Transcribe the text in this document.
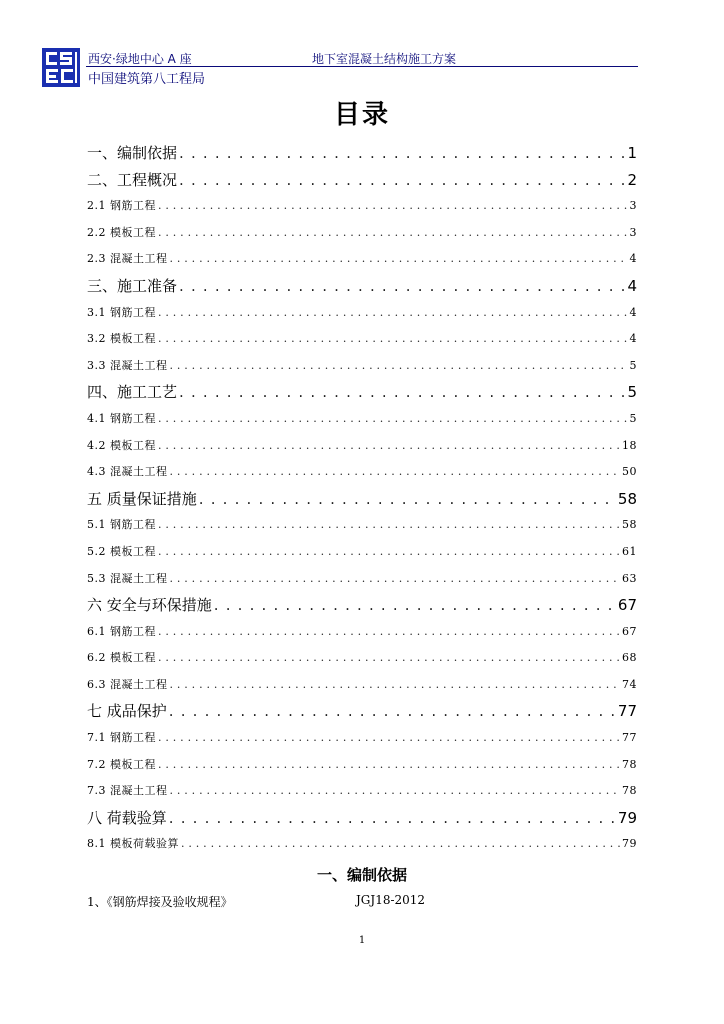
西安·绿地中心 A 座	地下室混凝土结构施工方案
中国建筑第八工程局
目录
一、编制依据 . . .	1
二、工程概况 . . .	2
2.1 钢筋工程 . . .	3
2.2 模板工程 . . .	3
2.3 混凝土工程 . . .	4
三、施工准备 . . .	4
3.1 钢筋工程 . . .	4
3.2 模板工程 . . .	4
3.3 混凝土工程 . . .	5
四、施工工艺 . . .	5
4.1 钢筋工程 . . .	5
4.2 模板工程 . . .	18
4.3 混凝土工程 . . .	50
五 质量保证措施 . . .	58
5.1 钢筋工程 . . .	58
5.2 模板工程 . . .	61
5.3 混凝土工程 . . .	63
六 安全与环保措施 . . .	67
6.1 钢筋工程 . . .	67
6.2 模板工程 . . .	68
6.3 混凝土工程 . . .	74
七 成品保护 . . .	77
7.1 钢筋工程 . . .	77
7.2 模板工程 . . .	78
7.3 混凝土工程 . . .	78
八 荷载验算 . . .	79
8.1 模板荷载验算 . . .	79
一、编制依据
1、《钢筋焊接及验收规程》	JGJ18-2012
1
